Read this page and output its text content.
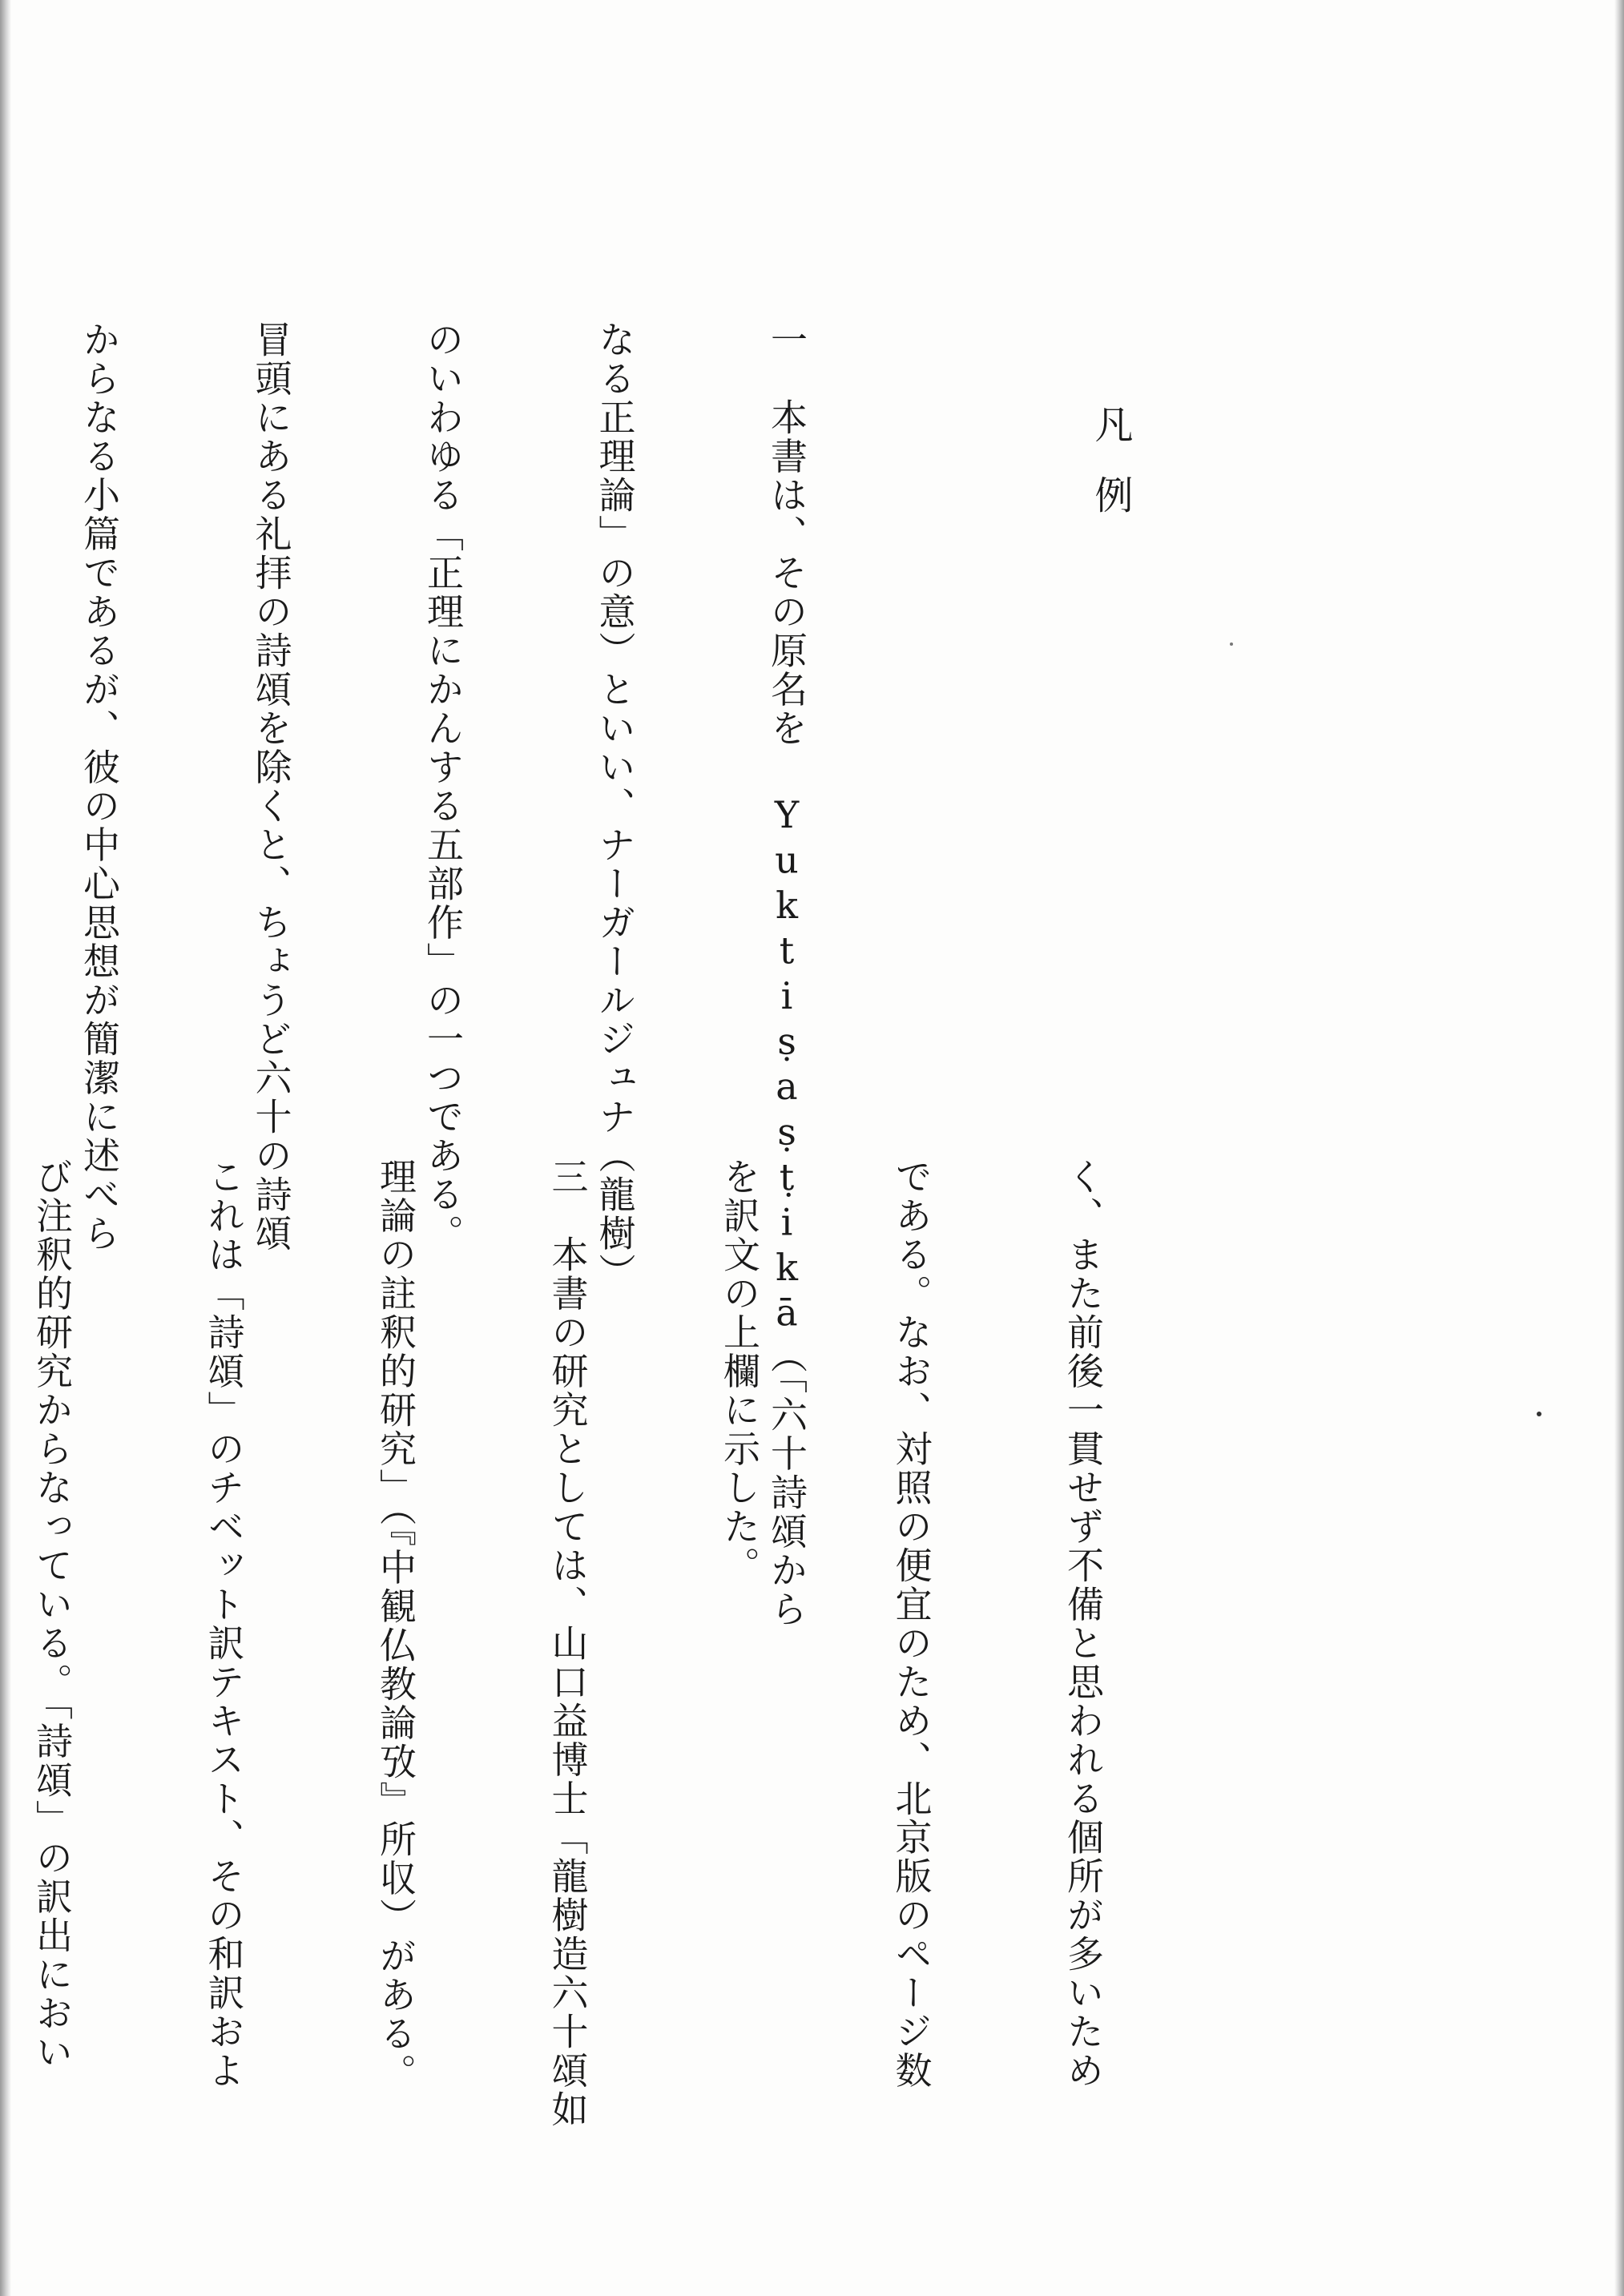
凡例

一　本書は、その原名を Yuktiṣaṣṭikā（「六十詩頌から

なる正理論」の意）といい、ナーガールジュナ（龍樹）

のいわゆる「正理にかんする五部作」の一つである。

冒頭にある礼拝の詩頌を除くと、ちょうど六十の詩頌

からなる小篇であるが、彼の中心思想が簡潔に述べら

く、また前後一貫せず不備と思われる個所が多いため

である。なお、対照の便宜のため、北京版のページ数

を訳文の上欄に示した。

三　本書の研究としては、山口益博士「龍樹造六十頌如

理論の註釈的研究」（『中観仏教論攷』所収）がある。

これは「詩頌」のチベット訳テキスト、その和訳およ

び注釈的研究からなっている。「詩頌」の訳出におい
